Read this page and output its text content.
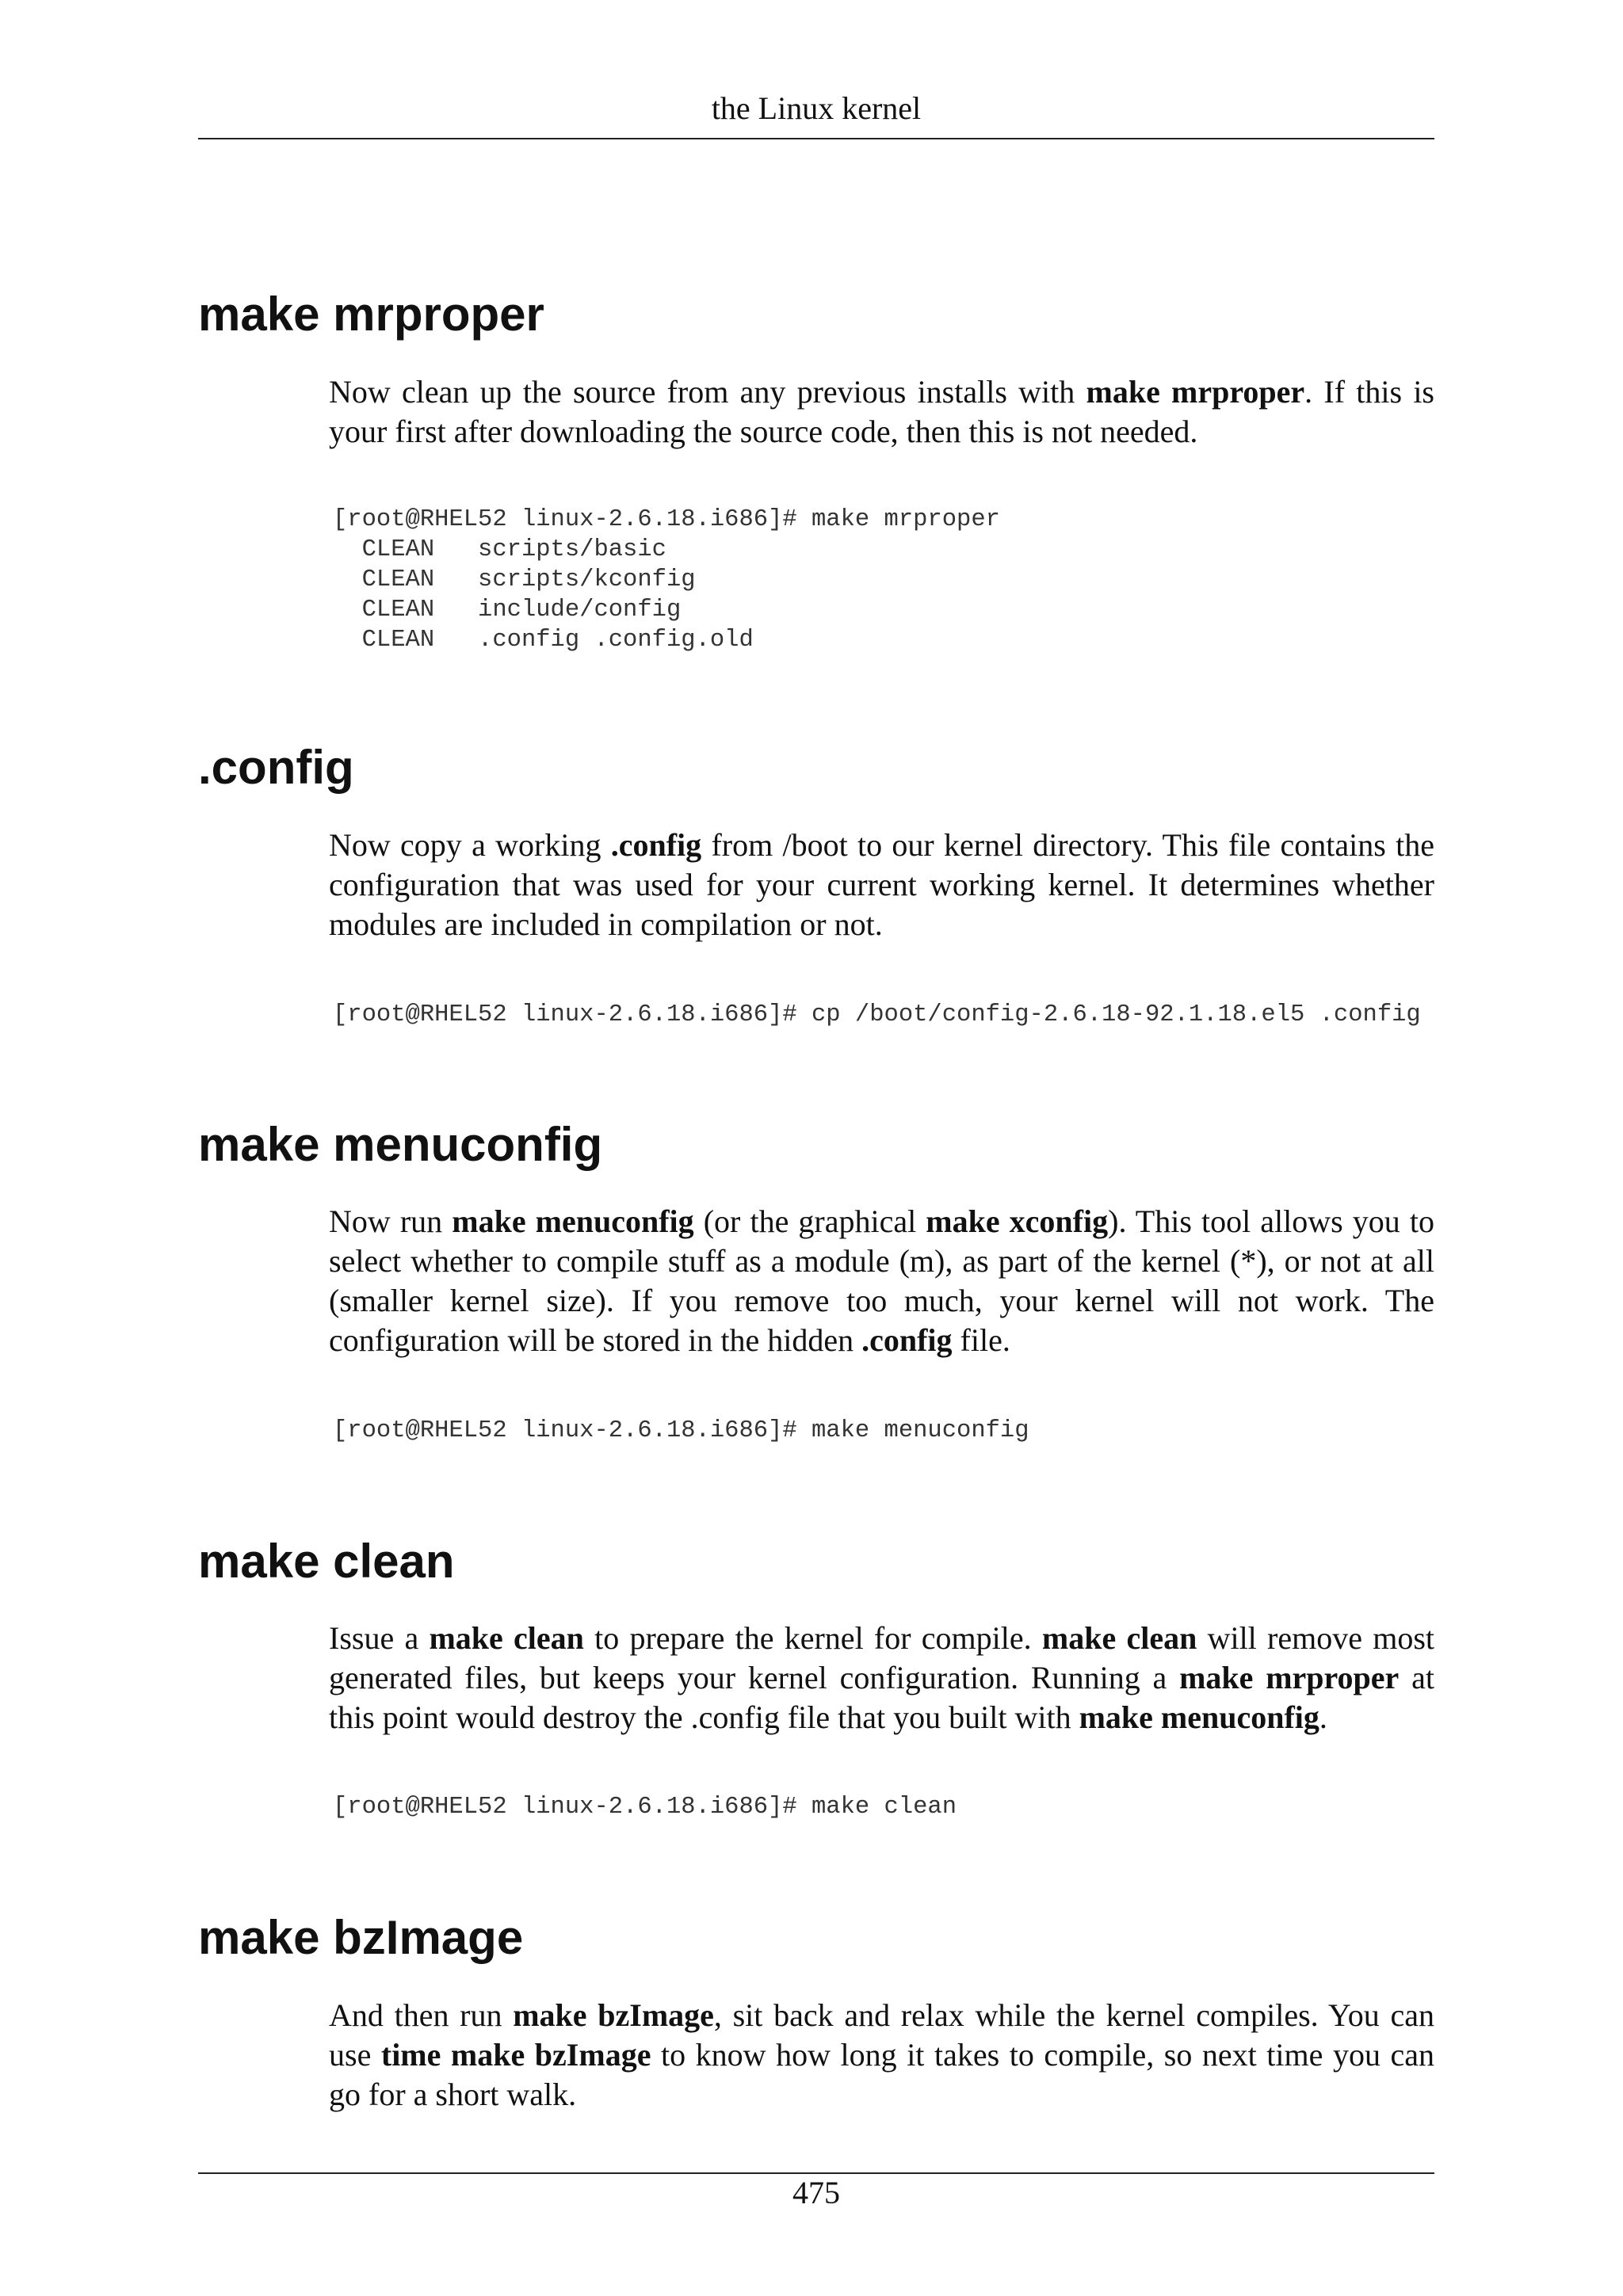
the Linux kernel
make mrproper

Now clean up the source from any previous installs with make mrproper. If this is your first after downloading the source code, then this is not needed.

[root@RHEL52 linux-2.6.18.i686]# make mrproper
CLEAN   scripts/basic
CLEAN   scripts/kconfig
CLEAN   include/config
CLEAN   .config .config.old
.config

Now copy a working .config from /boot to our kernel directory. This file contains the configuration that was used for your current working kernel. It determines whether modules are included in compilation or not.

[root@RHEL52 linux-2.6.18.i686]# cp /boot/config-2.6.18-92.1.18.el5 .config
make menuconfig

Now run make menuconfig (or the graphical make xconfig). This tool allows you to select whether to compile stuff as a module (m), as part of the kernel (*), or not at all (smaller kernel size). If you remove too much, your kernel will not work. The configuration will be stored in the hidden .config file.

[root@RHEL52 linux-2.6.18.i686]# make menuconfig
make clean

Issue a make clean to prepare the kernel for compile. make clean will remove most generated files, but keeps your kernel configuration. Running a make mrproper at this point would destroy the .config file that you built with make menuconfig.

[root@RHEL52 linux-2.6.18.i686]# make clean
make bzImage

And then run make bzImage, sit back and relax while the kernel compiles. You can use time make bzImage to know how long it takes to compile, so next time you can go for a short walk.

475
